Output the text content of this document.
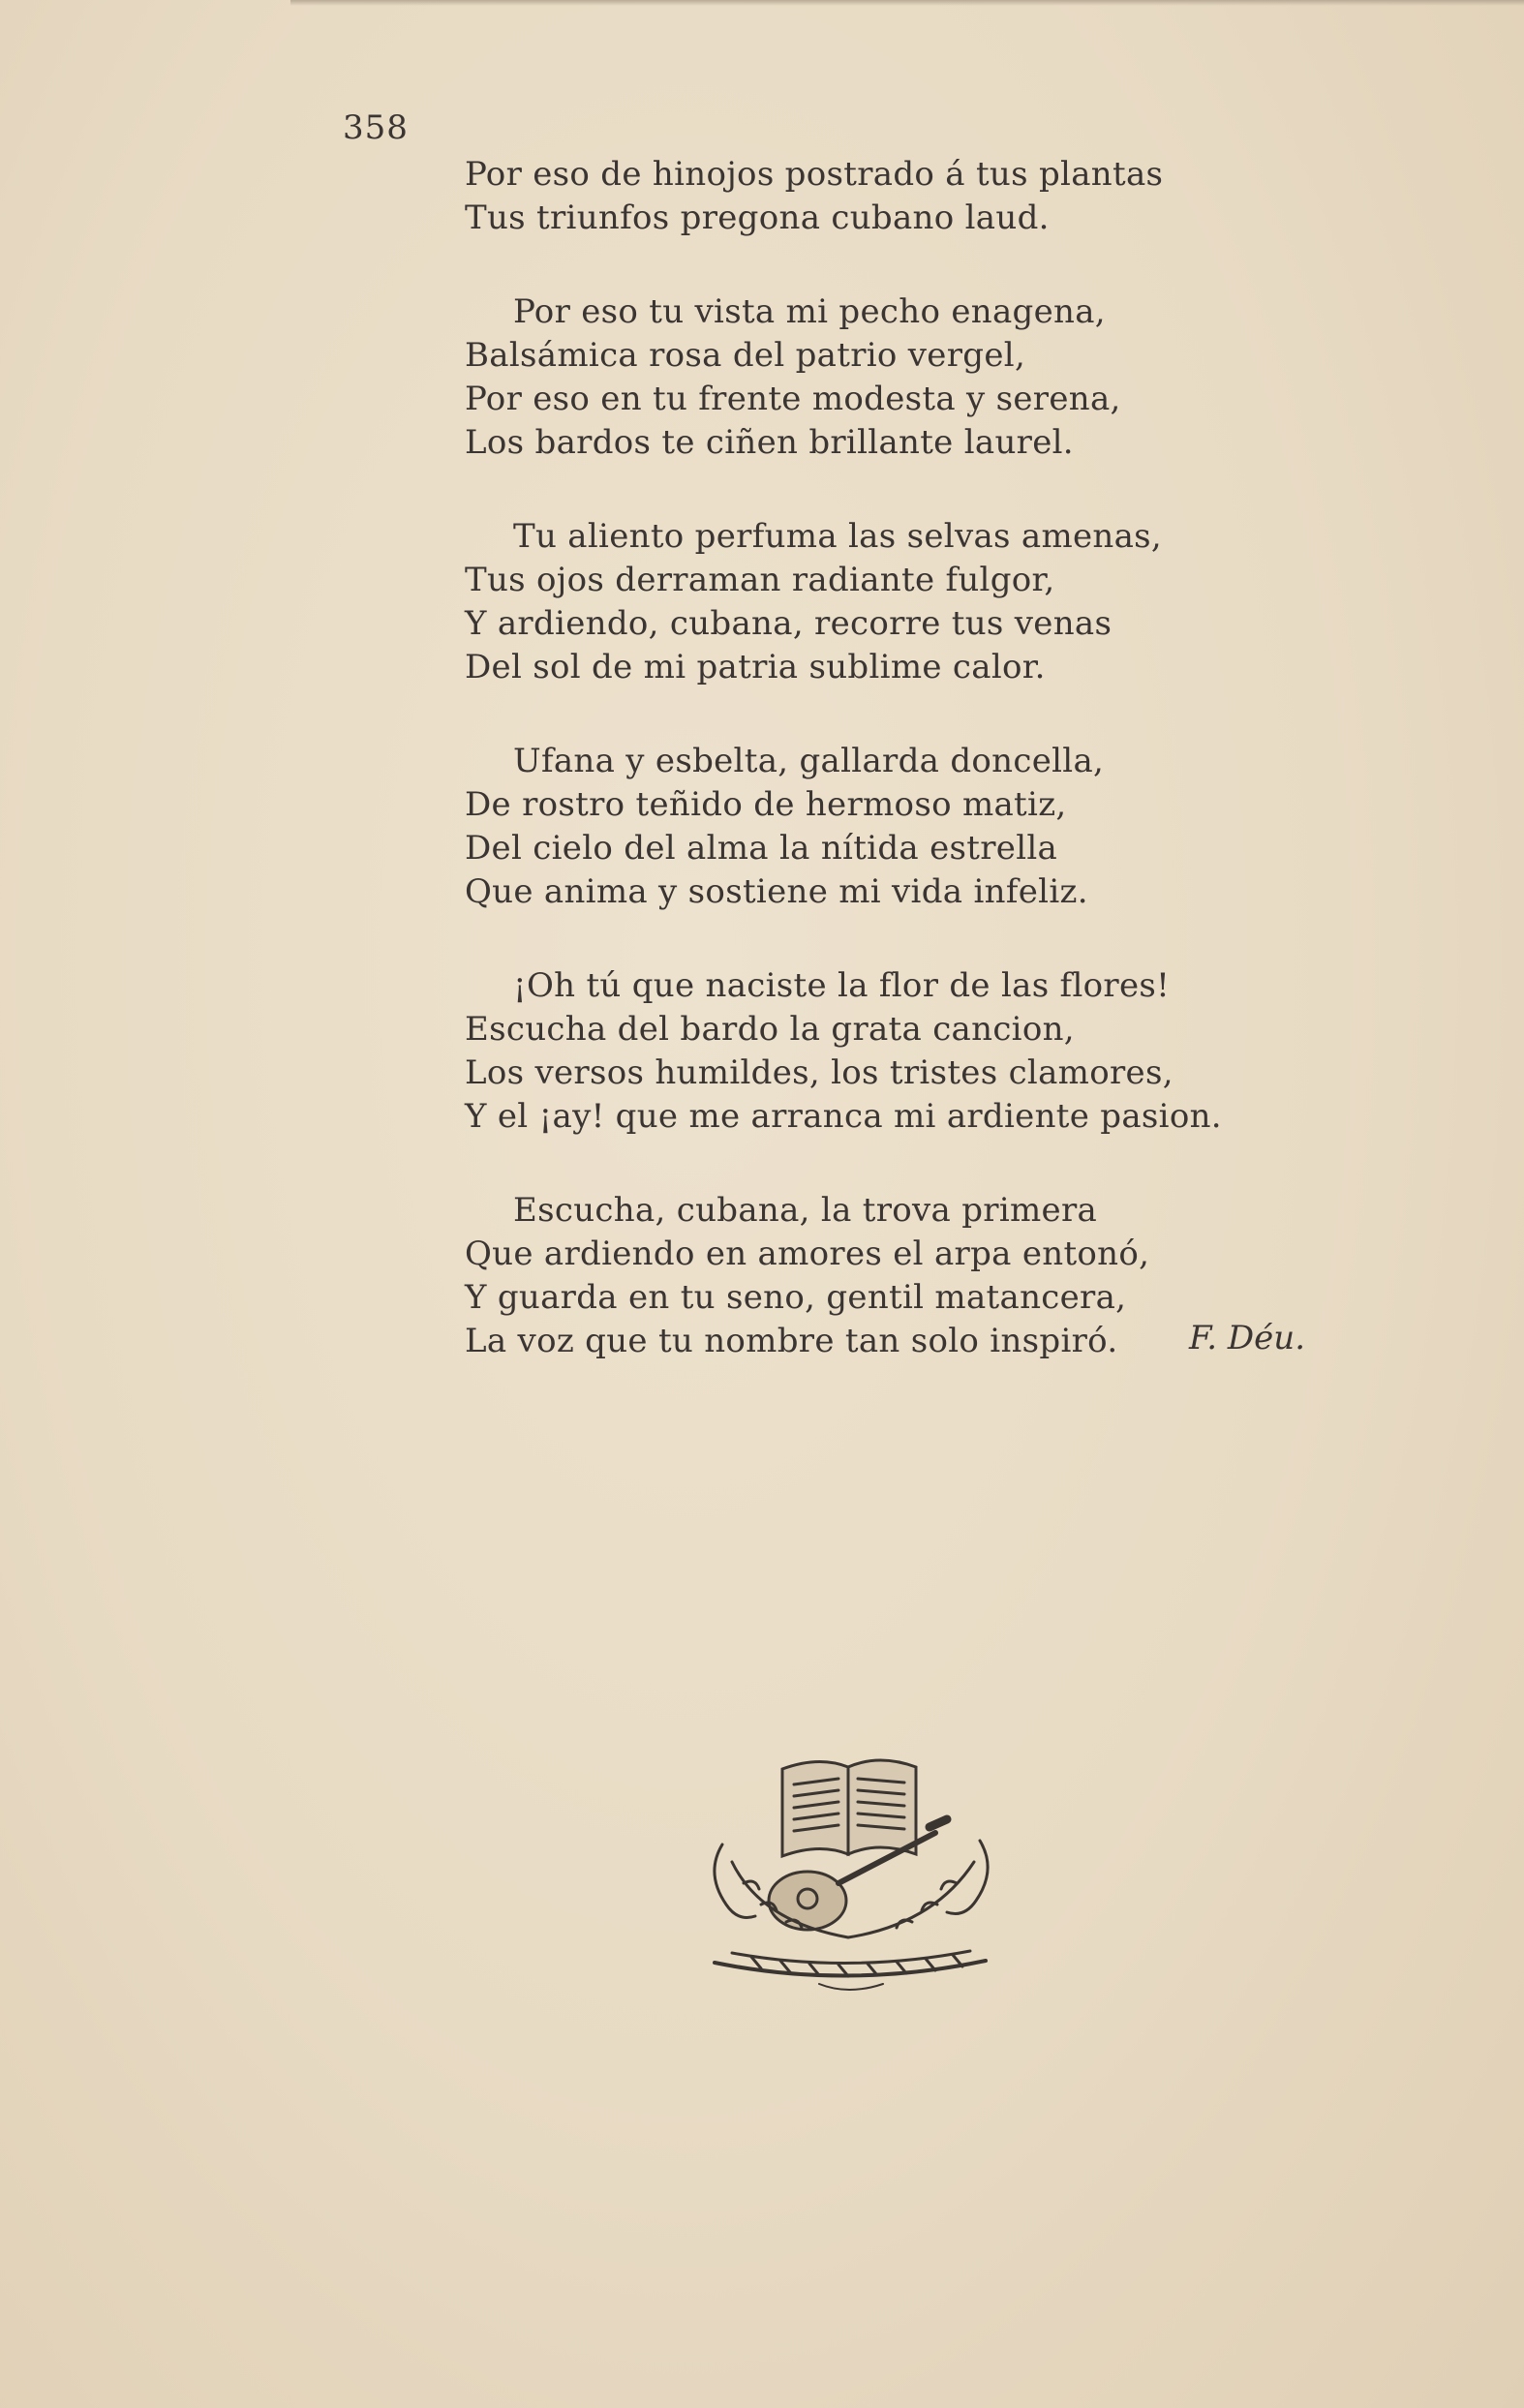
358
Por eso de hinojos postrado á tus plantas
Tus triunfos pregona cubano laud.
Por eso tu vista mi pecho enagena,
Balsámica rosa del patrio vergel,
Por eso en tu frente modesta y serena,
Los bardos te ciñen brillante laurel.
Tu aliento perfuma las selvas amenas,
Tus ojos derraman radiante fulgor,
Y ardiendo, cubana, recorre tus venas
Del sol de mi patria sublime calor.
Ufana y esbelta, gallarda doncella,
De rostro teñido de hermoso matiz,
Del cielo del alma la nítida estrella
Que anima y sostiene mi vida infeliz.
¡Oh tú que naciste la flor de las flores!
Escucha del bardo la grata cancion,
Los versos humildes, los tristes clamores,
Y el ¡ay! que me arranca mi ardiente pasion.
Escucha, cubana, la trova primera
Que ardiendo en amores el arpa entonó,
Y guarda en tu seno, gentil matancera,
La voz que tu nombre tan solo inspiró.	F. Déu.
